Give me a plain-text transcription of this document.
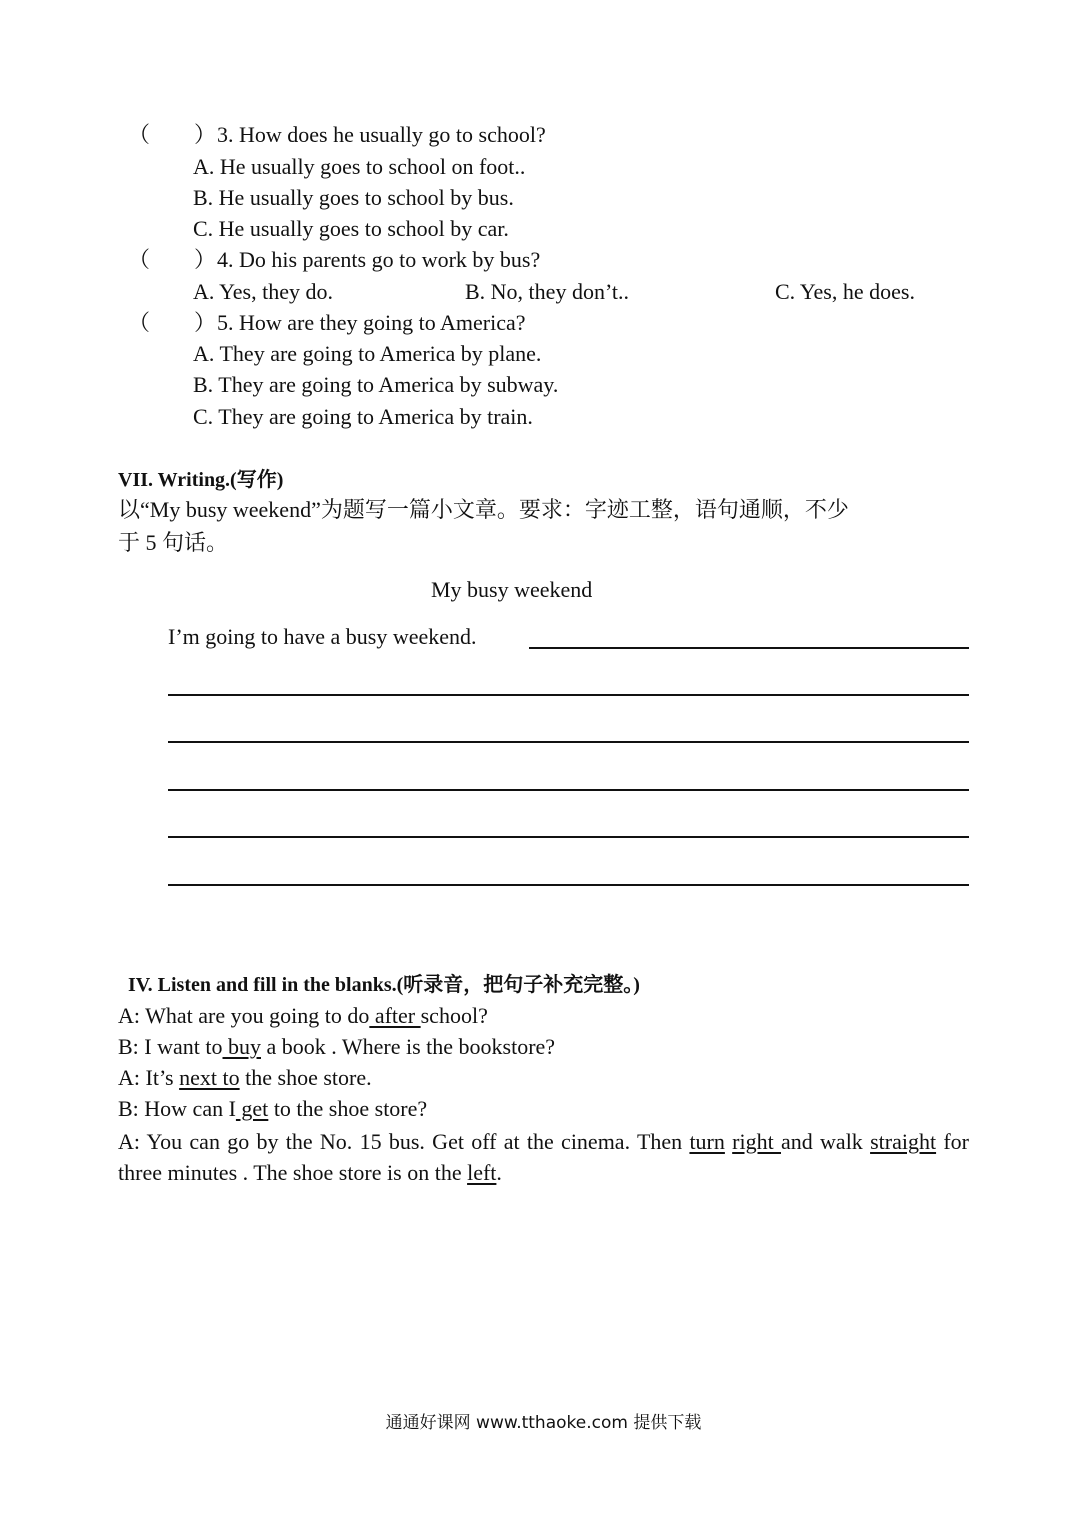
（　　） 3. How does he usually go to school?
A. He usually goes to school on foot..
B. He usually goes to school by bus.
C. He usually goes to school by car.
（　　） 4. Do his parents go to work by bus?
A. Yes, they do.	B. No, they don’t..	C. Yes, he does.
（　　） 5. How are they going to America?
A. They are going to America by plane.
B. They are going to America by subway.
C. They are going to America by train.
VII. Writing.(写作)
以“My busy weekend”为题写一篇小文章。要求：字迹工整，语句通顺，不少
于 5 句话。
My busy weekend
I’m going to have a busy weekend.
IV. Listen and fill in the blanks.(听录音，把句子补充完整。)
A: What are you going to do after school?
B: I want to buy a book . Where is the bookstore?
A: It’s next to the shoe store.
B: How can I get to the shoe store?
A: You can go by the No. 15 bus. Get off at the cinema. Then turn right and walk straight for three minutes . The shoe store is on the left.
通通好课网 www.tthaoke.com 提供下载
